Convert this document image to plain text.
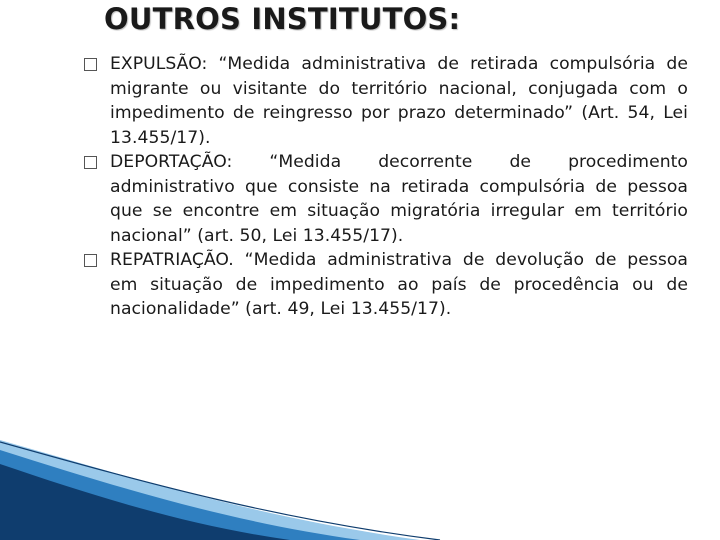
OUTROS INSTITUTOS:
EXPULSÃO: “Medida administrativa de retirada compulsória de migrante ou visitante do território nacional, conjugada com o impedimento de reingresso por prazo determinado” (Art. 54, Lei 13.455/17).
DEPORTAÇÃO: “Medida decorrente de procedimento administrativo que consiste na retirada compulsória de pessoa que se encontre em situação migratória irregular em território nacional” (art. 50, Lei 13.455/17).
REPATRIAÇÃO. “Medida administrativa de devolução de pessoa em situação de impedimento ao país de procedência ou de nacionalidade” (art. 49, Lei 13.455/17).
